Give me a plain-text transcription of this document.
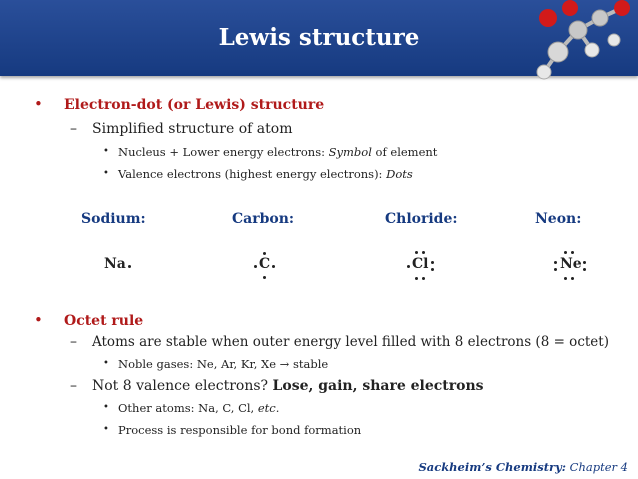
Lewis structure
• Electron-dot (or Lewis) structure
– Simplified structure of atom
• Nucleus + Lower energy electrons: Symbol of element
• Valence electrons (highest energy electrons): Dots
Sodium:	Carbon:	Chloride:	Neon:
Na	C	Cl	Ne
• Octet rule
– Atoms are stable when outer energy level filled with 8 electrons (8 = octet)
• Noble gases: Ne, Ar, Kr, Xe → stable
– Not 8 valence electrons? Lose, gain, share electrons
• Other atoms: Na, C, Cl, etc.
• Process is responsible for bond formation
Sackheim’s Chemistry: Chapter 4
